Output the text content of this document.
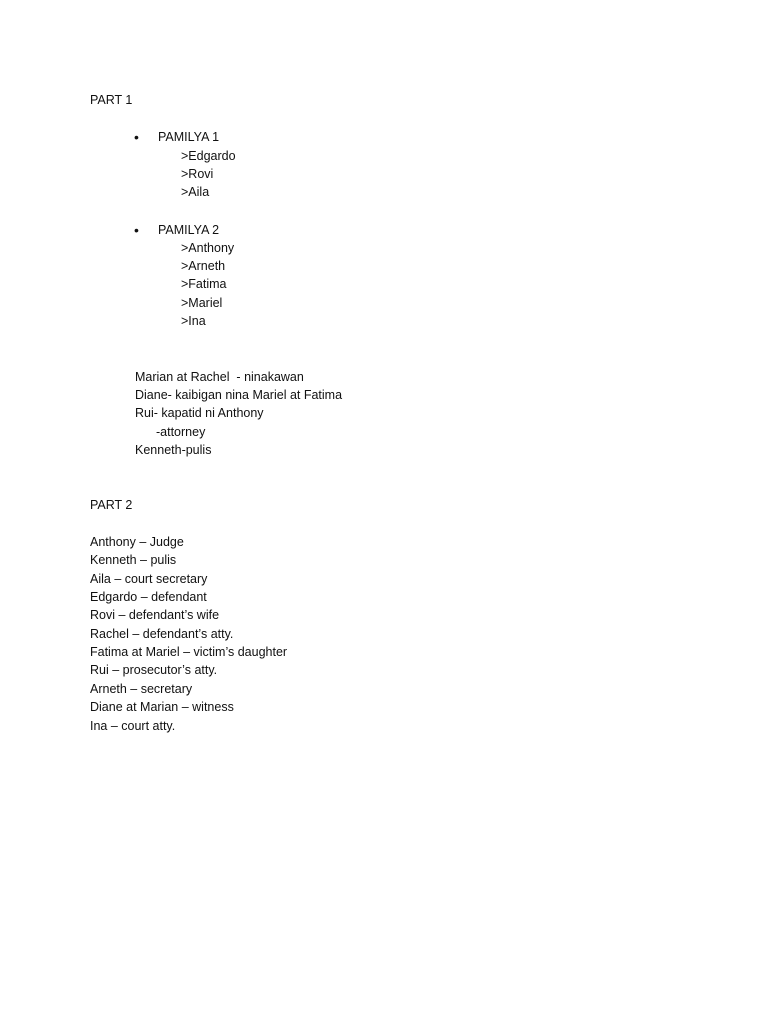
PART 1
•	PAMILYA 1
>Edgardo
>Rovi
>Aila
•	PAMILYA 2
>Anthony
>Arneth
>Fatima
>Mariel
>Ina
Marian at Rachel  - ninakawan
Diane- kaibigan nina Mariel at Fatima
Rui- kapatid ni Anthony
-attorney
Kenneth-pulis
PART 2
Anthony – Judge
Kenneth – pulis
Aila – court secretary
Edgardo – defendant
Rovi – defendant’s wife
Rachel – defendant’s atty.
Fatima at Mariel – victim’s daughter
Rui – prosecutor’s atty.
Arneth – secretary
Diane at Marian – witness
Ina – court atty.
